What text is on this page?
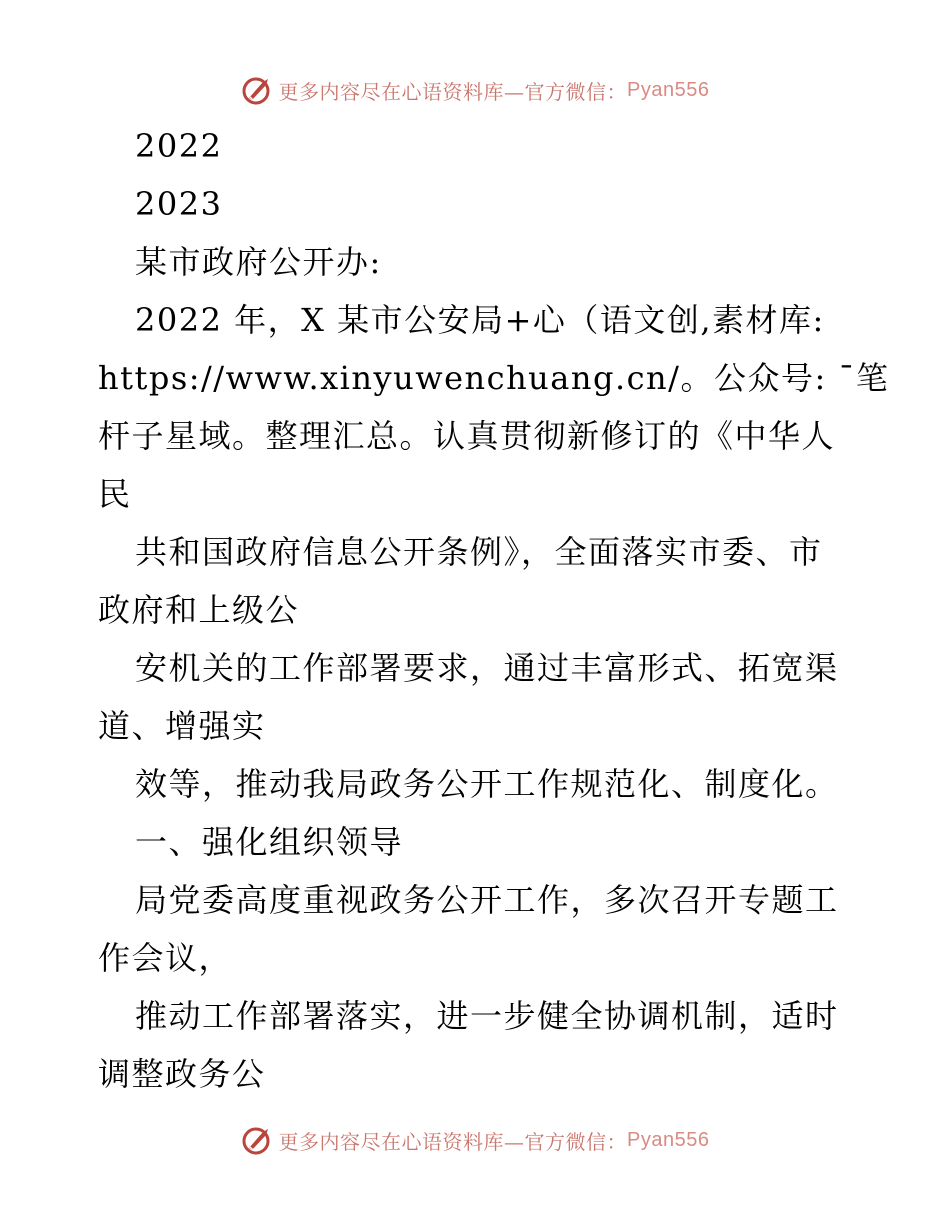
更多内容尽在心语资料库—官方微信： Pyan556
2022
2023
某市政府公开办:
2022 年，X 某市公安局+心（语文创,素材库:
https://www.xinyuwenchuang.cn/。公众号: ¯笔
杆子星域。整理汇总。认真贯彻新修订的《中华人
民
共和国政府信息公开条例》，全面落实市委、市
政府和上级公
安机关的工作部署要求，通过丰富形式、拓宽渠
道、增强实
效等，推动我局政务公开工作规范化、制度化。
一、强化组织领导
局党委高度重视政务公开工作，多次召开专题工
作会议，
推动工作部署落实，进一步健全协调机制，适时
调整政务公
更多内容尽在心语资料库—官方微信： Pyan556
